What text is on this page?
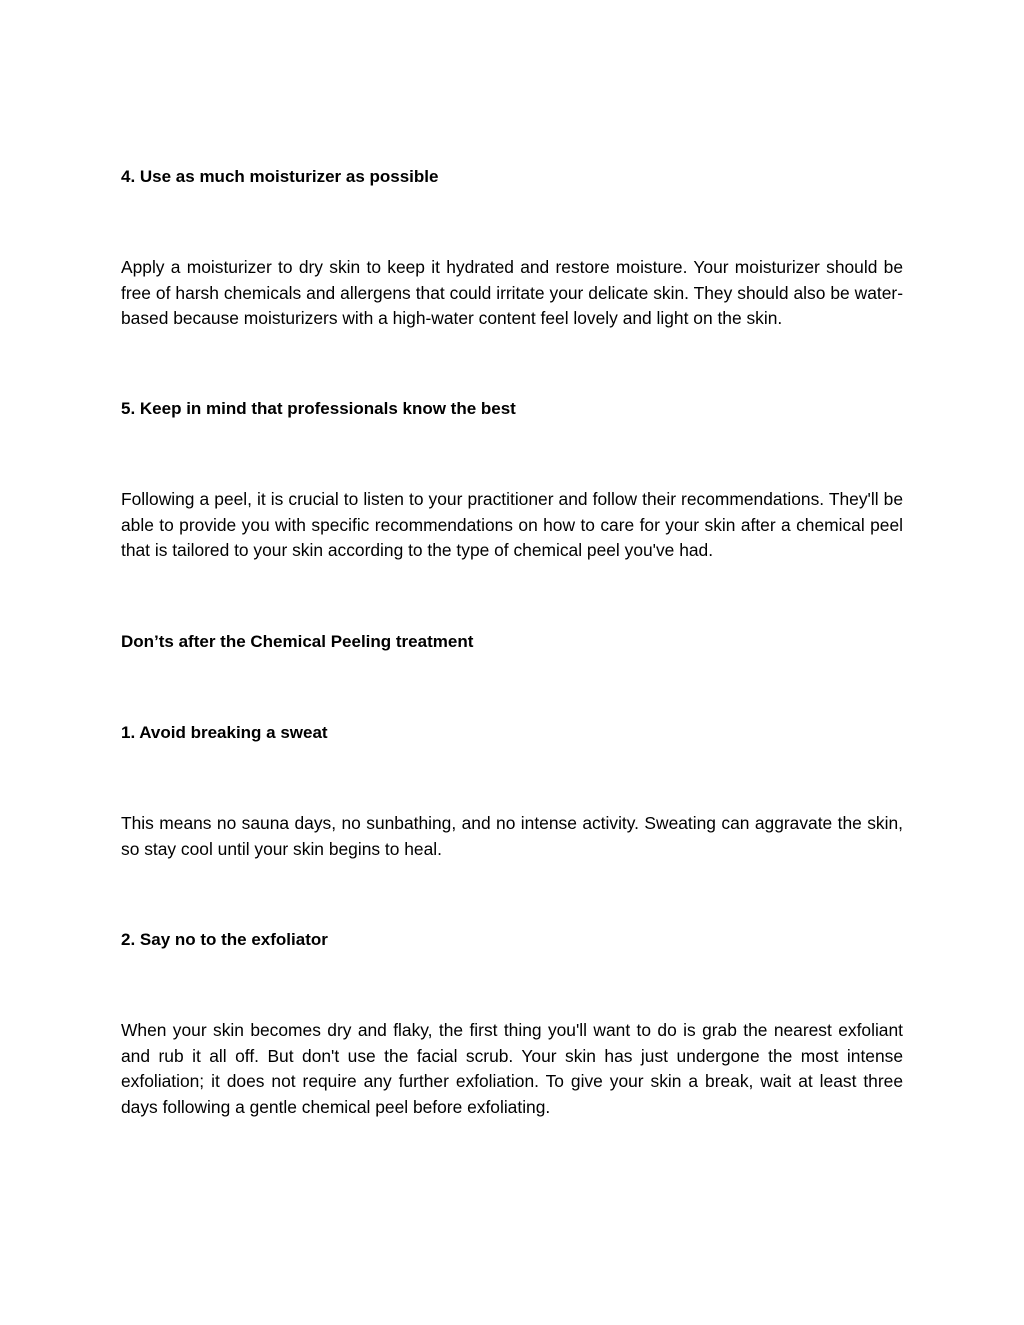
4. Use as much moisturizer as possible

Apply a moisturizer to dry skin to keep it hydrated and restore moisture. Your moisturizer should be free of harsh chemicals and allergens that could irritate your delicate skin. They should also be water-based because moisturizers with a high-water content feel lovely and light on the skin.

5. Keep in mind that professionals know the best

Following a peel, it is crucial to listen to your practitioner and follow their recommendations. They'll be able to provide you with specific recommendations on how to care for your skin after a chemical peel that is tailored to your skin according to the type of chemical peel you've had.

Don’ts after the Chemical Peeling treatment

1. Avoid breaking a sweat

This means no sauna days, no sunbathing, and no intense activity. Sweating can aggravate the skin, so stay cool until your skin begins to heal.

2. Say no to the exfoliator

When your skin becomes dry and flaky, the first thing you'll want to do is grab the nearest exfoliant and rub it all off. But don't use the facial scrub. Your skin has just undergone the most intense exfoliation; it does not require any further exfoliation. To give your skin a break, wait at least three days following a gentle chemical peel before exfoliating.
